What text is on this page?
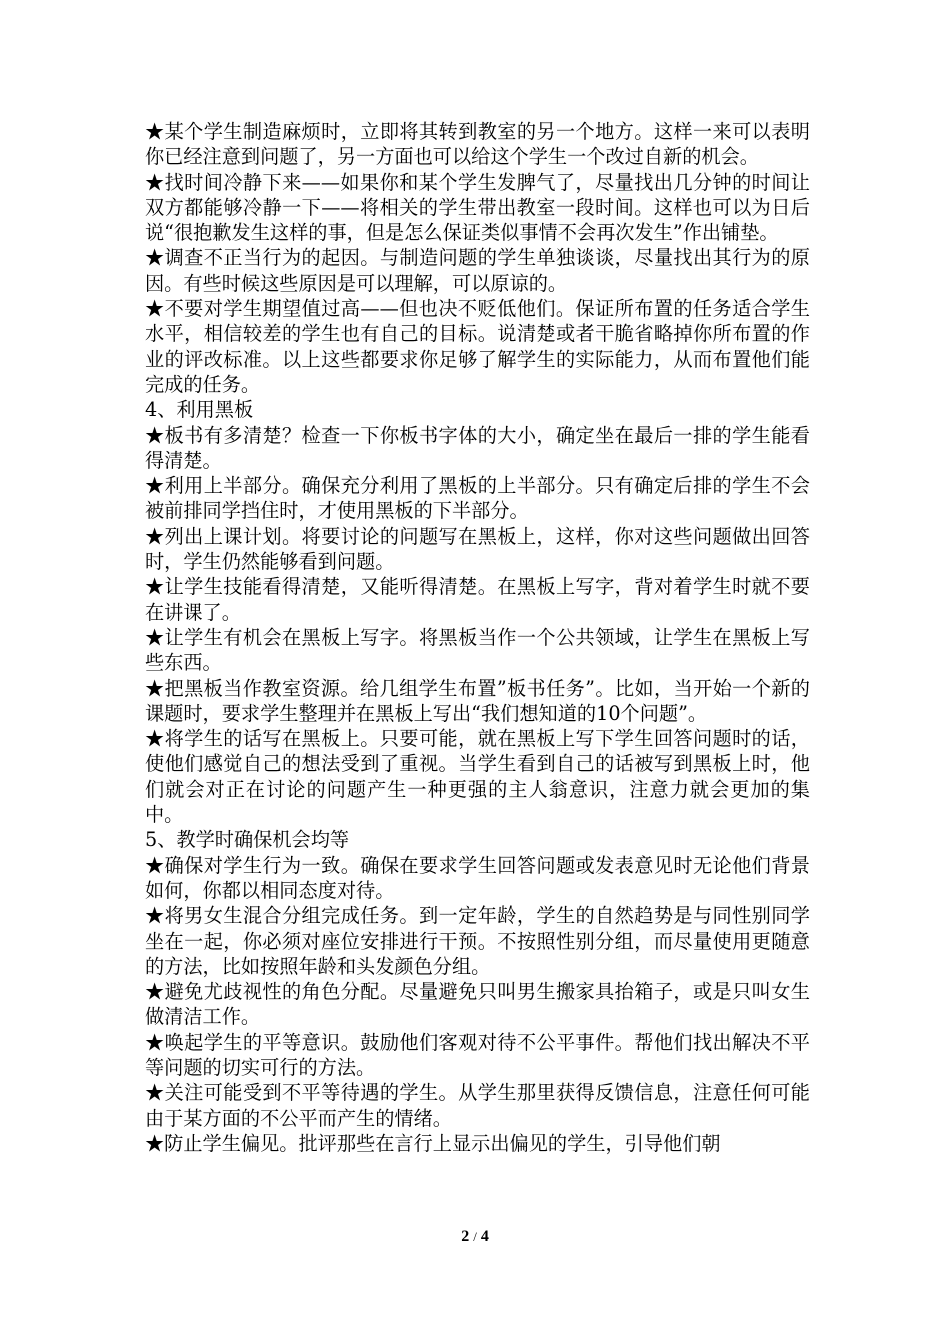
★某个学生制造麻烦时，立即将其转到教室的另一个地方。这样一来可以表明你已经注意到问题了，另一方面也可以给这个学生一个改过自新的机会。

★找时间冷静下来——如果你和某个学生发脾气了，尽量找出几分钟的时间让双方都能够冷静一下——将相关的学生带出教室一段时间。这样也可以为日后说“很抱歉发生这样的事，但是怎么保证类似事情不会再次发生”作出铺垫。

★调查不正当行为的起因。与制造问题的学生单独谈谈，尽量找出其行为的原因。有些时候这些原因是可以理解，可以原谅的。

★不要对学生期望值过高——但也决不贬低他们。保证所布置的任务适合学生水平，相信较差的学生也有自己的目标。说清楚或者干脆省略掉你所布置的作业的评改标准。以上这些都要求你足够了解学生的实际能力，从而布置他们能完成的任务。

4、利用黑板

★板书有多清楚？检查一下你板书字体的大小，确定坐在最后一排的学生能看得清楚。

★利用上半部分。确保充分利用了黑板的上半部分。只有确定后排的学生不会被前排同学挡住时，才使用黑板的下半部分。

★列出上课计划。将要讨论的问题写在黑板上，这样，你对这些问题做出回答时，学生仍然能够看到问题。

★让学生技能看得清楚，又能听得清楚。在黑板上写字，背对着学生时就不要在讲课了。

★让学生有机会在黑板上写字。将黑板当作一个公共领域，让学生在黑板上写些东西。

★把黑板当作教室资源。给几组学生布置”板书任务”。比如，当开始一个新的课题时，要求学生整理并在黑板上写出“我们想知道的10个问题”。

★将学生的话写在黑板上。只要可能，就在黑板上写下学生回答问题时的话，使他们感觉自己的想法受到了重视。当学生看到自己的话被写到黑板上时，他们就会对正在讨论的问题产生一种更强的主人翁意识，注意力就会更加的集中。

5、教学时确保机会均等

★确保对学生行为一致。确保在要求学生回答问题或发表意见时无论他们背景如何，你都以相同态度对待。

★将男女生混合分组完成任务。到一定年龄，学生的自然趋势是与同性别同学坐在一起，你必须对座位安排进行干预。不按照性别分组，而尽量使用更随意的方法，比如按照年龄和头发颜色分组。

★避免尤歧视性的角色分配。尽量避免只叫男生搬家具抬箱子，或是只叫女生做清洁工作。

★唤起学生的平等意识。鼓励他们客观对待不公平事件。帮他们找出解决不平等问题的切实可行的方法。

★关注可能受到不平等待遇的学生。从学生那里获得反馈信息，注意任何可能由于某方面的不公平而产生的情绪。

★防止学生偏见。批评那些在言行上显示出偏见的学生，引导他们朝

2 / 4
